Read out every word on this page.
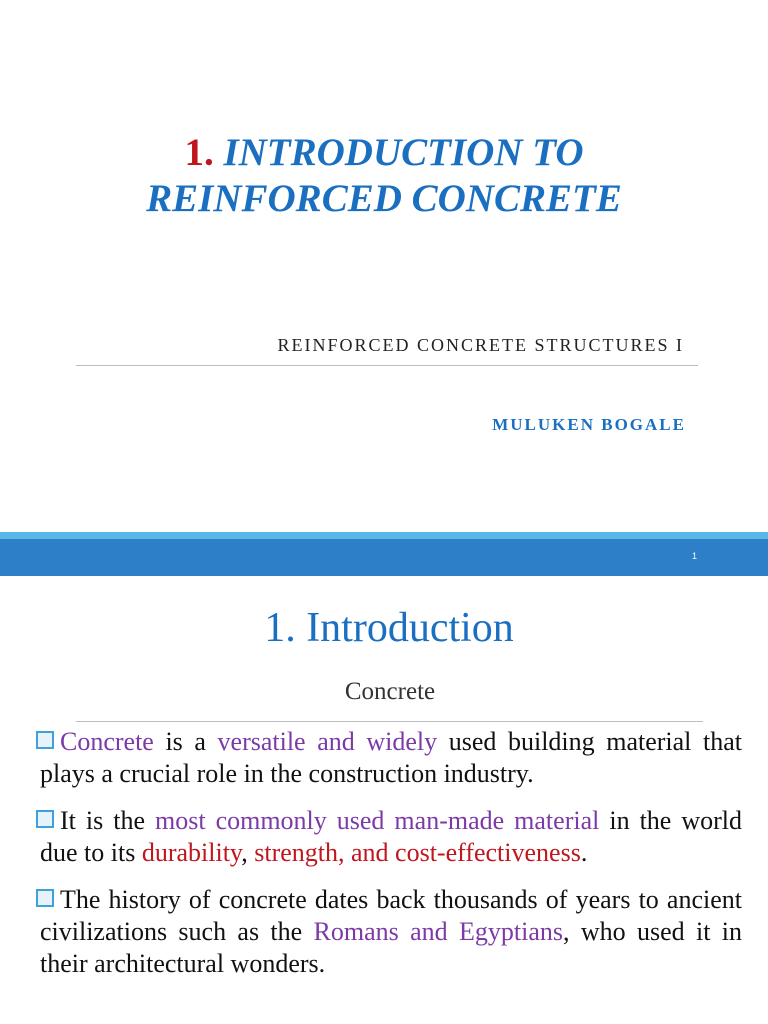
1. INTRODUCTION TO
REINFORCED CONCRETE
REINFORCED CONCRETE STRUCTURES I
MULUKEN BOGALE
1
1. Introduction
Concrete

Concrete is a versatile and widely used building material that plays a crucial role in the construction industry.

It is the most commonly used man-made material in the world due to its durability, strength, and cost-effectiveness.

The history of concrete dates back thousands of years to ancient civilizations such as the Romans and Egyptians, who used it in their architectural wonders.
